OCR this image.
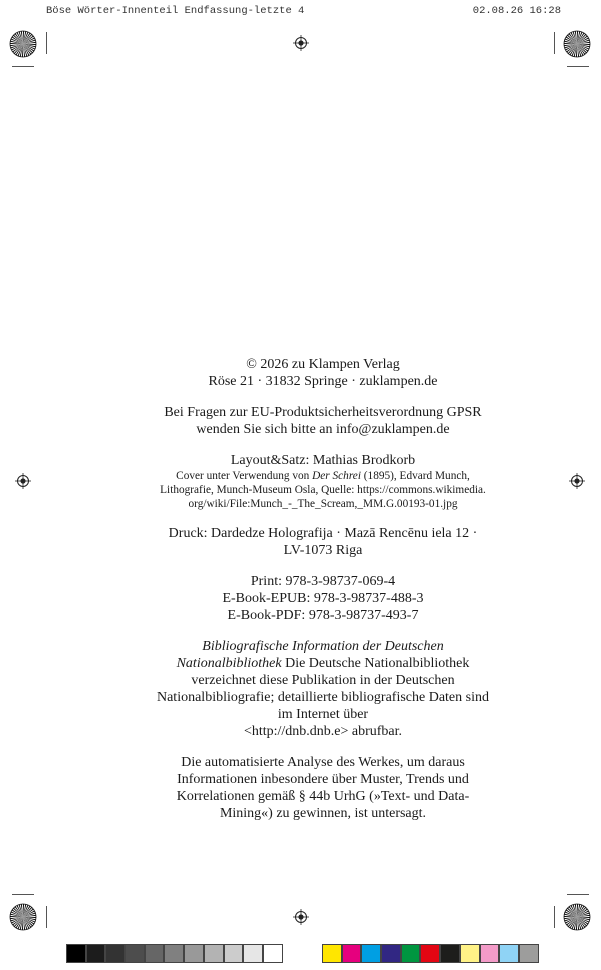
Böse Wörter-Innenteil Endfassung-letzte 4	02.08.26 16:28
© 2026 zu Klampen Verlag
Röse 21 · 31832 Springe · zuklampen.de
Bei Fragen zur EU-Produktsicherheitsverordnung GPSR
wenden Sie sich bitte an info@zuklampen.de
Layout&Satz: Mathias Brodkorb
Cover unter Verwendung von Der Schrei (1895), Edvard Munch,
Lithografie, Munch-Museum Osla, Quelle: https://commons.wikimedia.
org/wiki/File:Munch_-_The_Scream,_MM.G.00193-01.jpg
Druck: Dardedze Holografija · Mazā Rencēnu iela 12 ·
LV-1073 Riga
Print: 978-3-98737-069-4
E-Book-EPUB: 978-3-98737-488-3
E-Book-PDF: 978-3-98737-493-7
Bibliografische Information der Deutschen
Nationalbibliothek Die Deutsche Nationalbibliothek
verzeichnet diese Publikation in der Deutschen
Nationalbibliografie; detaillierte bibliografische Daten sind
im Internet über
<http://dnb.dnb.e> abrufbar.
Die automatisierte Analyse des Werkes, um daraus
Informationen inbesondere über Muster, Trends und
Korrelationen gemäß § 44b UrhG (»Text- und Data-
Mining«) zu gewinnen, ist untersagt.
